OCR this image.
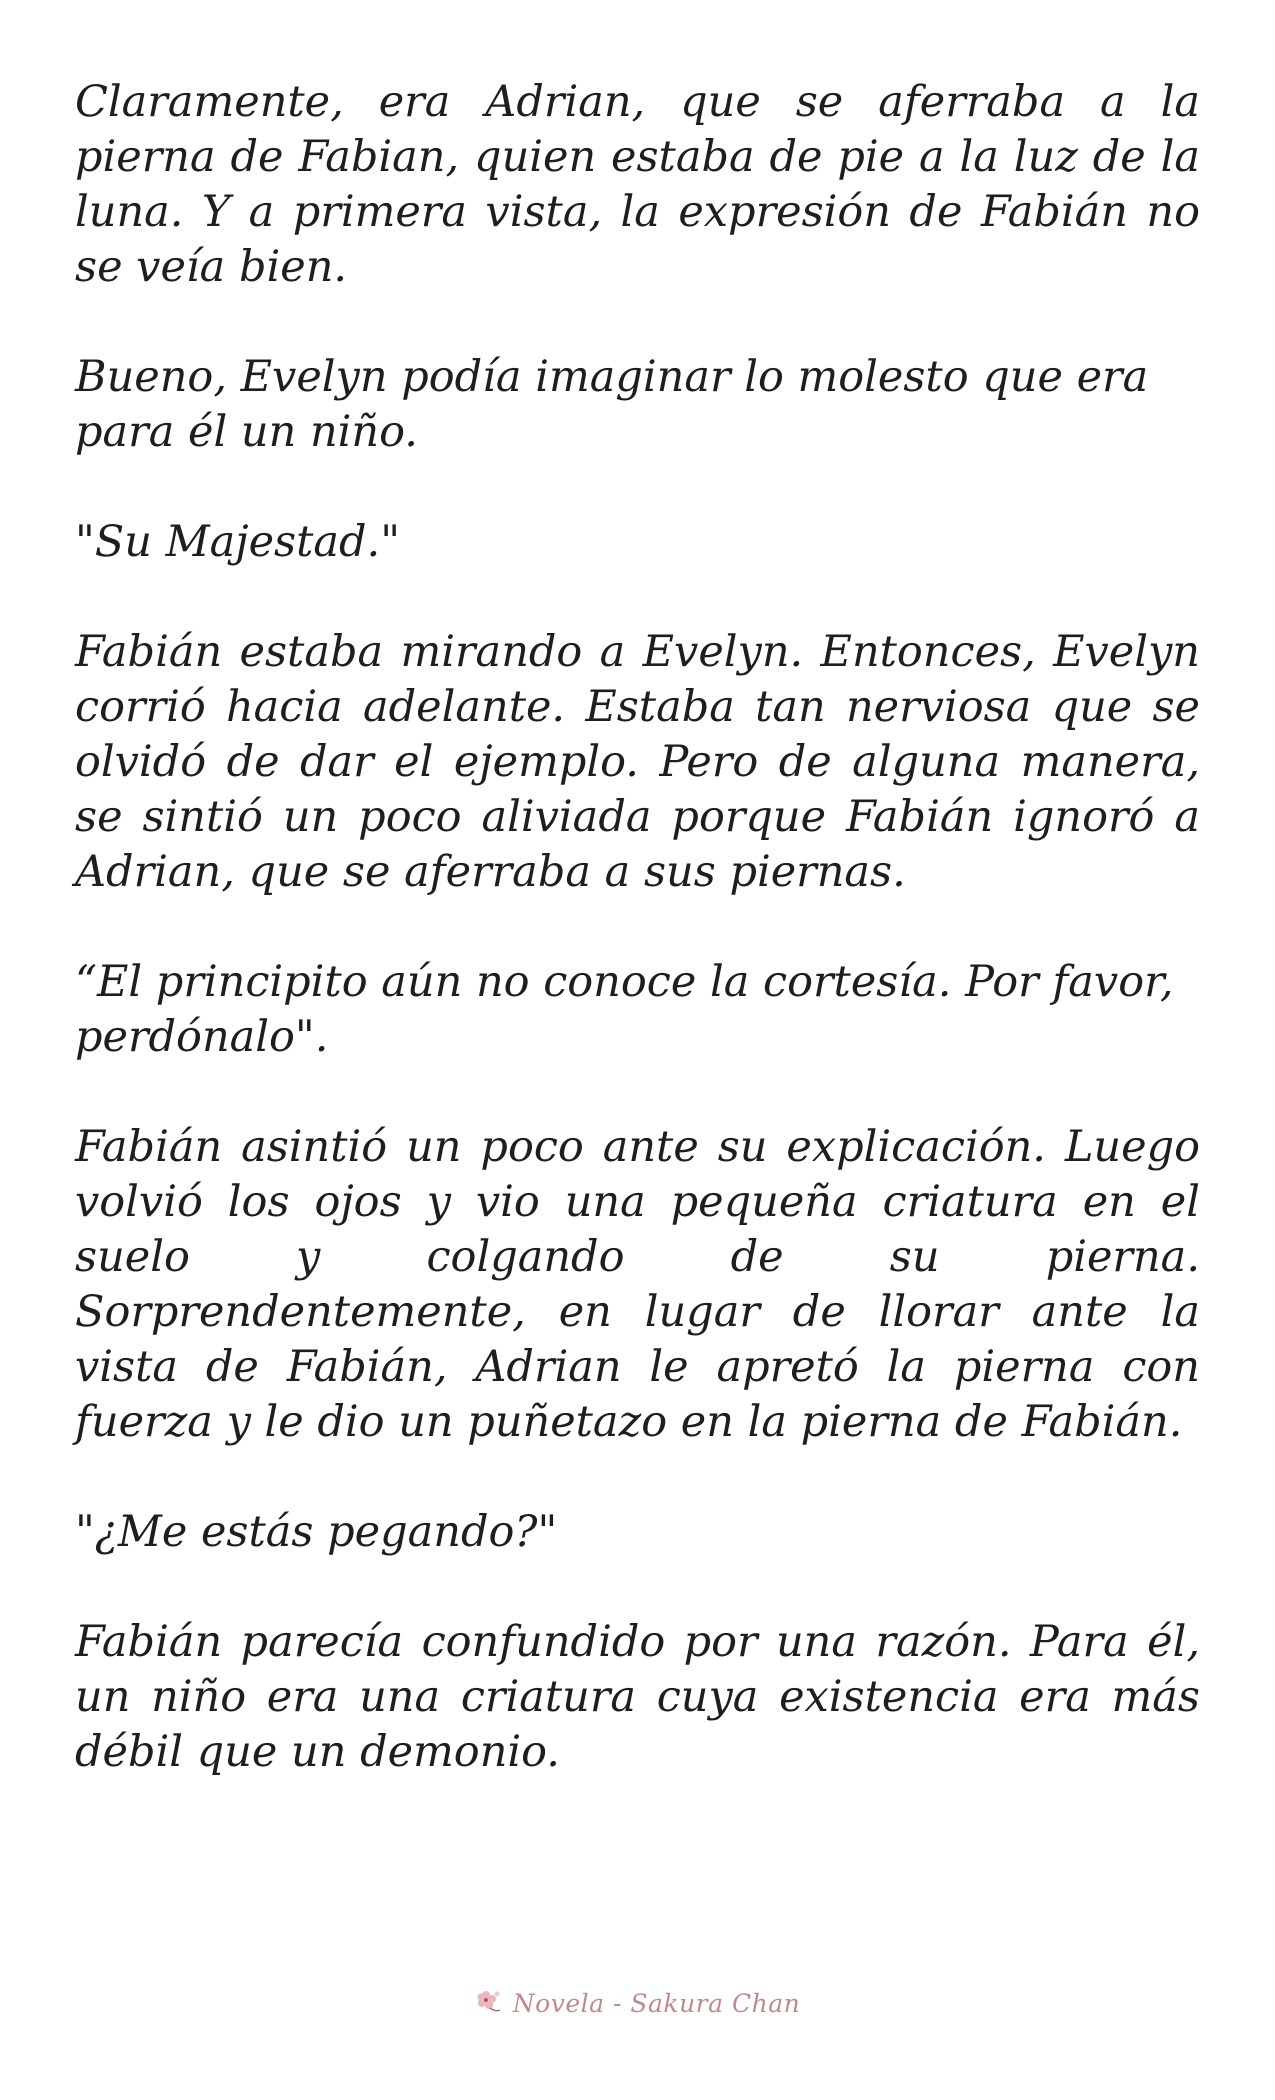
Claramente, era Adrian, que se aferraba a la pierna de Fabian, quien estaba de pie a la luz de la luna. Y a primera vista, la expresión de Fabián no se veía bien.

Bueno, Evelyn podía imaginar lo molesto que era para él un niño.

"Su Majestad."

Fabián estaba mirando a Evelyn. Entonces, Evelyn corrió hacia adelante. Estaba tan nerviosa que se olvidó de dar el ejemplo. Pero de alguna manera, se sintió un poco aliviada porque Fabián ignoró a Adrian, que se aferraba a sus piernas.

“El principito aún no conoce la cortesía. Por favor, perdónalo".

Fabián asintió un poco ante su explicación. Luego volvió los ojos y vio una pequeña criatura en el suelo y colgando de su pierna. Sorprendentemente, en lugar de llorar ante la vista de Fabián, Adrian le apretó la pierna con fuerza y le dio un puñetazo en la pierna de Fabián.

"¿Me estás pegando?"

Fabián parecía confundido por una razón. Para él, un niño era una criatura cuya existencia era más débil que un demonio.

Novela - Sakura Chan
